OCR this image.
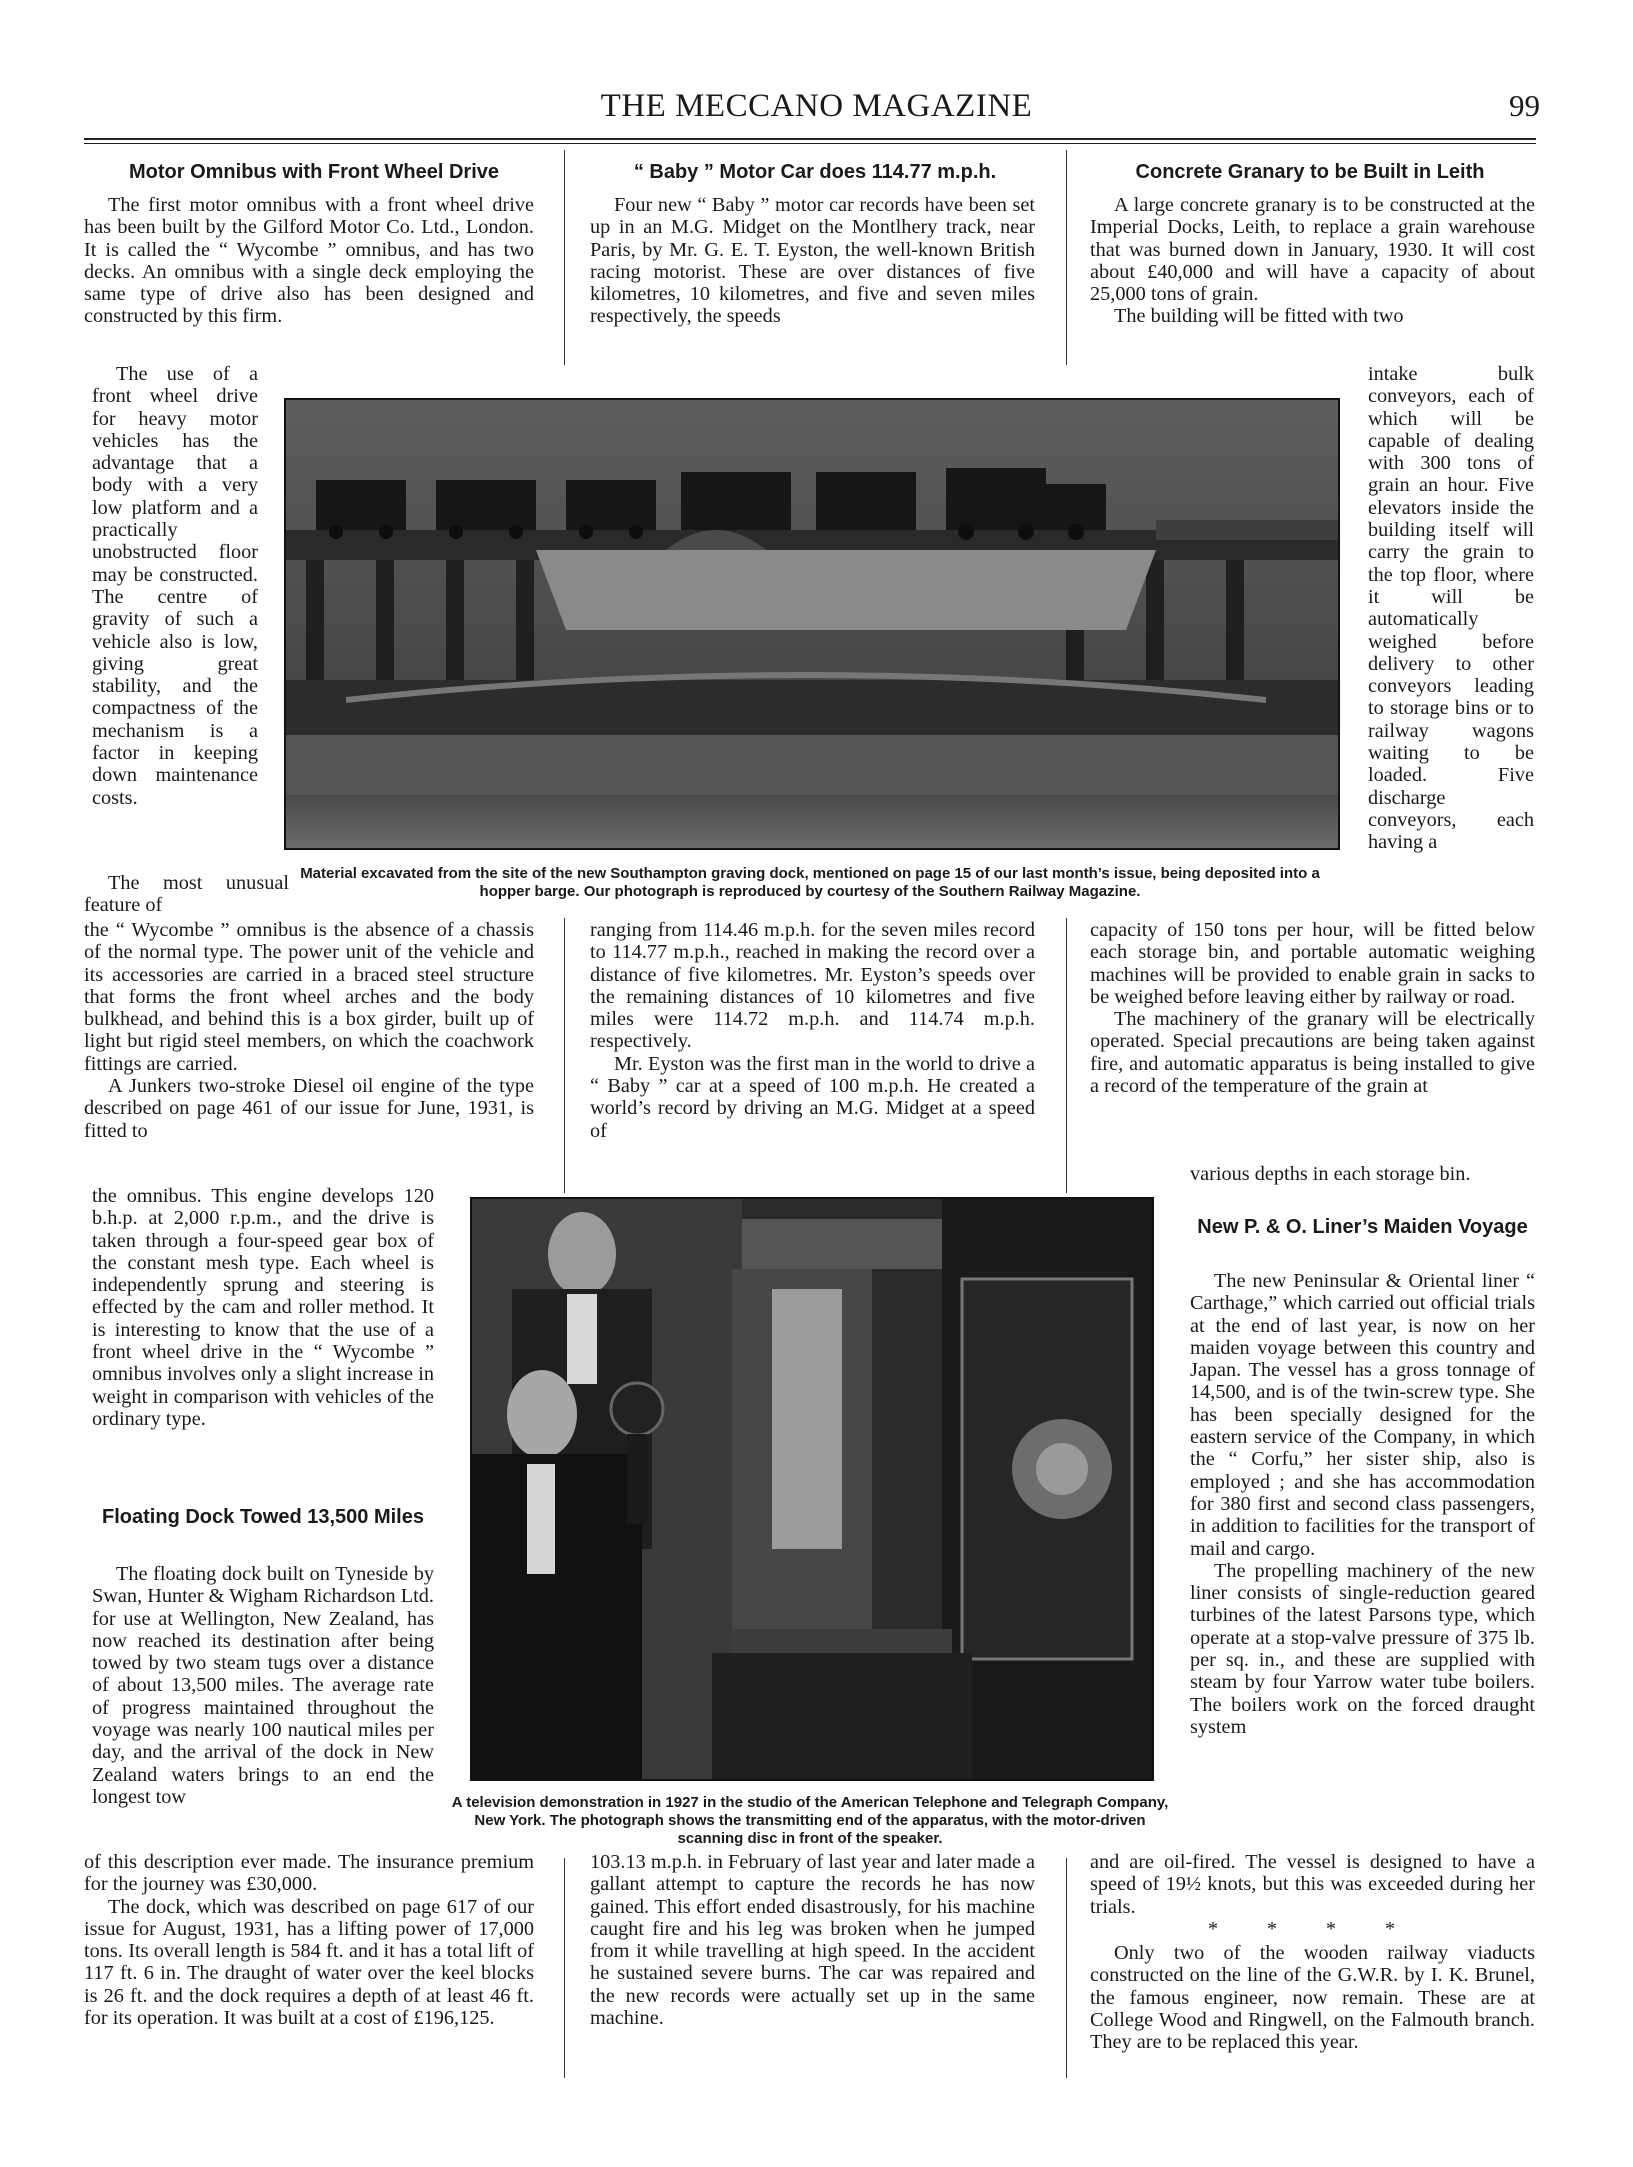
THE MECCANO MAGAZINE	99
Motor Omnibus with Front Wheel Drive

The first motor omnibus with a front wheel drive has been built by the Gilford Motor Co. Ltd., London. It is called the “ Wycombe ” omnibus, and has two decks. An omnibus with a single deck employing the same type of drive also has been designed and constructed by this firm.

The use of a front wheel drive for heavy motor vehicles has the advantage that a body with a very low platform and a practically unobstructed floor may be constructed. The centre of gravity of such a vehicle also is low, giving great stability, and the compactness of the mechanism is a factor in keeping down maintenance costs.

The most unusual feature of

the “ Wycombe ” omnibus is the absence of a chassis of the normal type. The power unit of the vehicle and its accessories are carried in a braced steel structure that forms the front wheel arches and the body bulkhead, and behind this is a box girder, built up of light but rigid steel members, on which the coachwork fittings are carried.

A Junkers two-stroke Diesel oil engine of the type described on page 461 of our issue for June, 1931, is fitted to

the omnibus. This engine develops 120 b.h.p. at 2,000 r.p.m., and the drive is taken through a four-speed gear box of the constant mesh type. Each wheel is independently sprung and steering is effected by the cam and roller method. It is interesting to know that the use of a front wheel drive in the “ Wycombe ” omnibus involves only a slight increase in weight in comparison with vehicles of the ordinary type.

Floating Dock Towed 13,500 Miles

The floating dock built on Tyneside by Swan, Hunter & Wigham Richardson Ltd. for use at Wellington, New Zealand, has now reached its destination after being towed by two steam tugs over a distance of about 13,500 miles. The average rate of progress maintained throughout the voyage was nearly 100 nautical miles per day, and the arrival of the dock in New Zealand waters brings to an end the longest tow

of this description ever made. The insurance premium for the journey was £30,000.

The dock, which was described on page 617 of our issue for August, 1931, has a lifting power of 17,000 tons. Its overall length is 584 ft. and it has a total lift of 117 ft. 6 in. The draught of water over the keel blocks is 26 ft. and the dock requires a depth of at least 46 ft. for its operation. It was built at a cost of £196,125.

“ Baby ” Motor Car does 114.77 m.p.h.

Four new “ Baby ” motor car records have been set up in an M.G. Midget on the Montlhery track, near Paris, by Mr. G. E. T. Eyston, the well-known British racing motorist. These are over distances of five kilometres, 10 kilometres, and five and seven miles respectively, the speeds

ranging from 114.46 m.p.h. for the seven miles record to 114.77 m.p.h., reached in making the record over a distance of five kilometres. Mr. Eyston’s speeds over the remaining distances of 10 kilometres and five miles were 114.72 m.p.h. and 114.74 m.p.h. respectively.

Mr. Eyston was the first man in the world to drive a “ Baby ” car at a speed of 100 m.p.h. He created a world’s record by driving an M.G. Midget at a speed of

103.13 m.p.h. in February of last year and later made a gallant attempt to capture the records he has now gained. This effort ended disastrously, for his machine caught fire and his leg was broken when he jumped from it while travelling at high speed. In the accident he sustained severe burns. The car was repaired and the new records were actually set up in the same machine.

Concrete Granary to be Built in Leith

A large concrete granary is to be constructed at the Imperial Docks, Leith, to replace a grain warehouse that was burned down in January, 1930. It will cost about £40,000 and will have a capacity of about 25,000 tons of grain.

The building will be fitted with two

intake bulk conveyors, each of which will be capable of dealing with 300 tons of grain an hour. Five elevators inside the building itself will carry the grain to the top floor, where it will be automatically weighed before delivery to other conveyors leading to storage bins or to railway wagons waiting to be loaded. Five discharge conveyors, each having a

capacity of 150 tons per hour, will be fitted below each storage bin, and portable automatic weighing machines will be provided to enable grain in sacks to be weighed before leaving either by railway or road.

The machinery of the granary will be electrically operated. Special precautions are being taken against fire, and automatic apparatus is being installed to give a record of the temperature of the grain at

various depths in each storage bin.

New P. & O. Liner’s Maiden Voyage

The new Peninsular & Oriental liner “ Carthage,” which carried out official trials at the end of last year, is now on her maiden voyage between this country and Japan. The vessel has a gross tonnage of 14,500, and is of the twin-screw type. She has been specially designed for the eastern service of the Company, in which the “ Corfu,” her sister ship, also is employed ; and she has accommodation for 380 first and second class passengers, in addition to facilities for the transport of mail and cargo.

The propelling machinery of the new liner consists of single-reduction geared turbines of the latest Parsons type, which operate at a stop-valve pressure of 375 lb. per sq. in., and these are supplied with steam by four Yarrow water tube boilers. The boilers work on the forced draught system

and are oil-fired. The vessel is designed to have a speed of 19½ knots, but this was exceeded during her trials.

* * * *

Only two of the wooden railway viaducts constructed on the line of the G.W.R. by I. K. Brunel, the famous engineer, now remain. These are at College Wood and Ringwell, on the Falmouth branch. They are to be replaced this year.

Material excavated from the site of the new Southampton graving dock, mentioned on page 15 of our last month’s issue, being deposited into a hopper barge. Our photograph is reproduced by courtesy of the Southern Railway Magazine.
A television demonstration in 1927 in the studio of the American Telephone and Telegraph Company, New York. The photograph shows the transmitting end of the apparatus, with the motor-driven scanning disc in front of the speaker.
